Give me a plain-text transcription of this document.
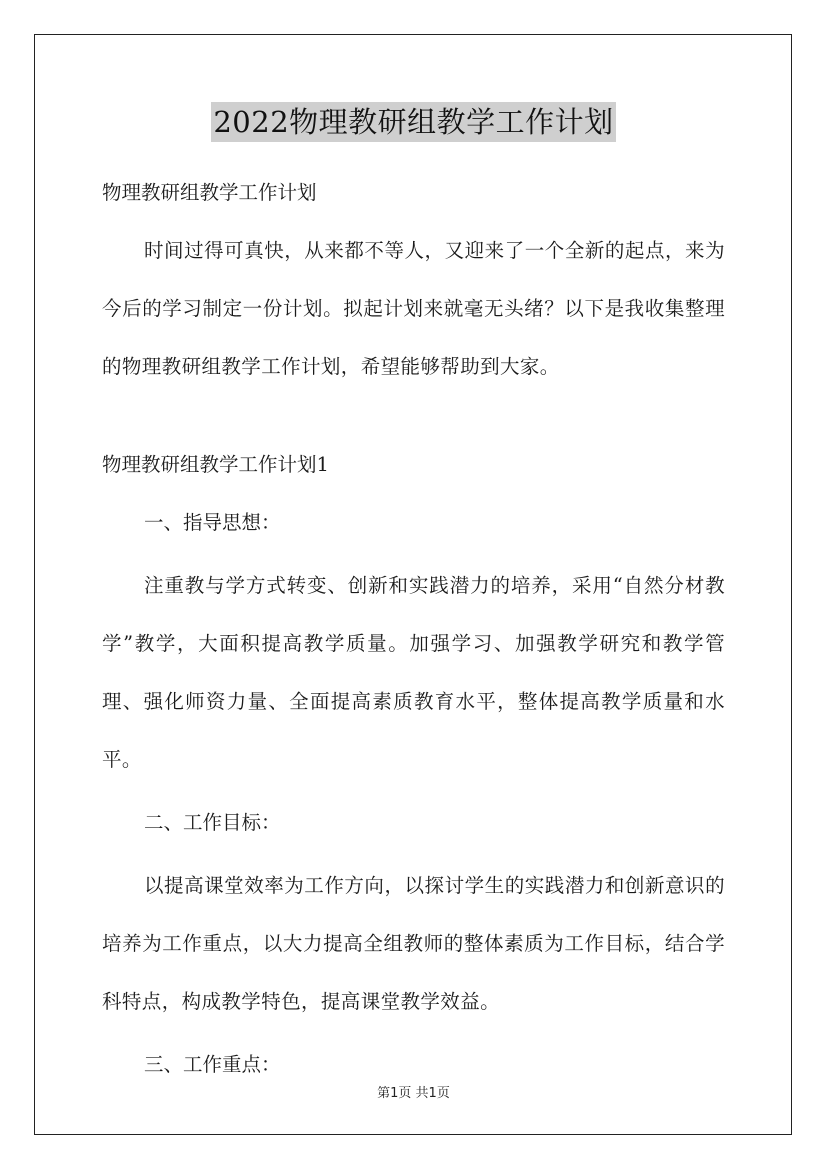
2022物理教研组教学工作计划

物理教研组教学工作计划

时间过得可真快，从来都不等人，又迎来了一个全新的起点，来为今后的学习制定一份计划。拟起计划来就毫无头绪？以下是我收集整理的物理教研组教学工作计划，希望能够帮助到大家。

物理教研组教学工作计划1

一、指导思想：

注重教与学方式转变、创新和实践潜力的培养，采用“自然分材教学”教学，大面积提高教学质量。加强学习、加强教学研究和教学管理、强化师资力量、全面提高素质教育水平，整体提高教学质量和水平。

二、工作目标：

以提高课堂效率为工作方向，以探讨学生的实践潜力和创新意识的培养为工作重点，以大力提高全组教师的整体素质为工作目标，结合学科特点，构成教学特色，提高课堂教学效益。

三、工作重点：

第1页 共1页
